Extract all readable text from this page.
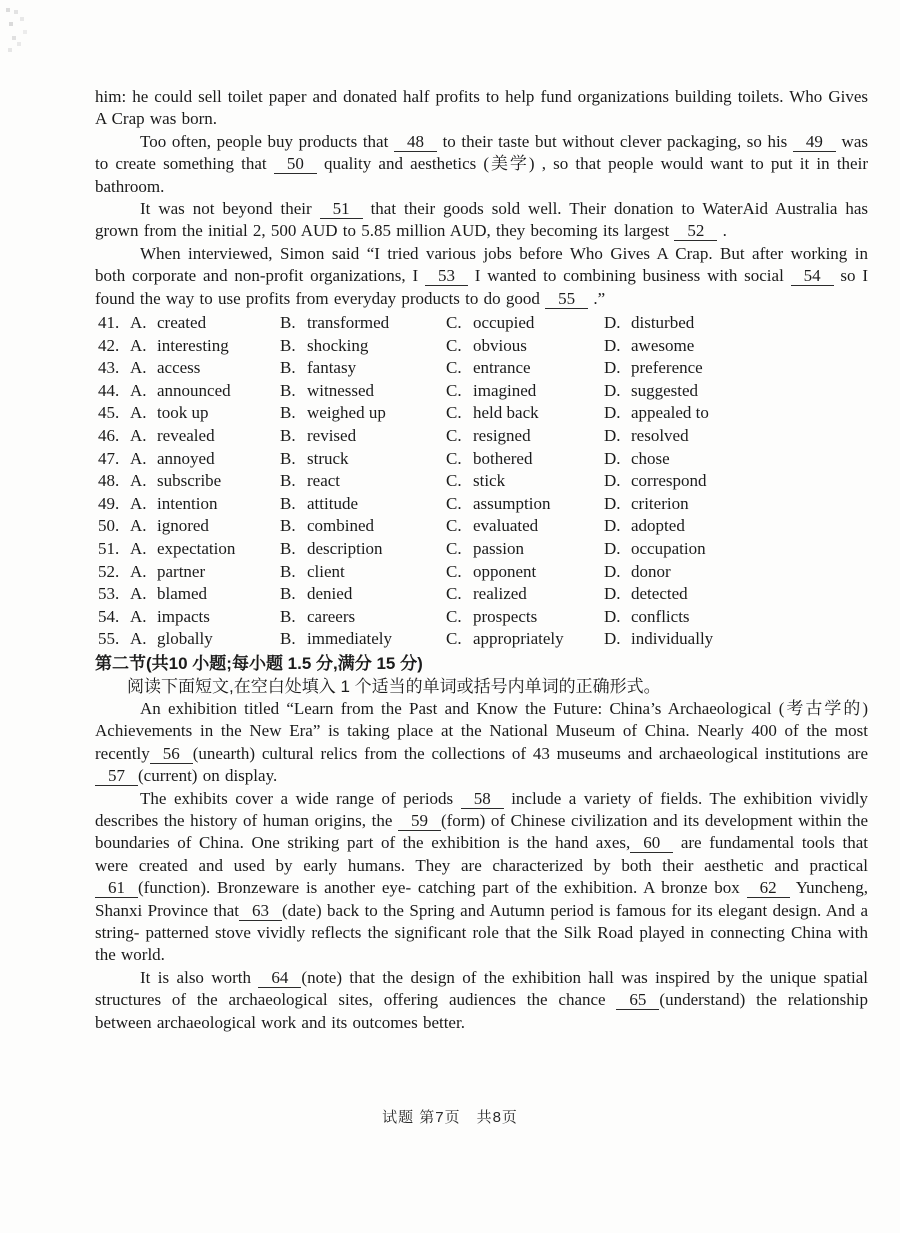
him: he could sell toilet paper and donated half profits to help fund organizations building toilets. Who Gives A Crap was born.

Too often, people buy products that 48 to their taste but without clever packaging, so his 49 was to create something that 50 quality and aesthetics (美学) , so that people would want to put it in their bathroom.

It was not beyond their 51 that their goods sold well. Their donation to WaterAid Australia has grown from the initial 2, 500 AUD to 5.85 million AUD, they becoming its largest 52 .

When interviewed, Simon said “I tried various jobs before Who Gives A Crap. But after working in both corporate and non-profit organizations, I 53 I wanted to combining business with social 54 so I found the way to use profits from everyday products to do good 55 .”

41. A. created	B. transformed	C. occupied	D. disturbed
42. A. interesting	B. shocking	C. obvious	D. awesome
43. A. access	B. fantasy	C. entrance	D. preference
44. A. announced	B. witnessed	C. imagined	D. suggested
45. A. took up	B. weighed up	C. held back	D. appealed to
46. A. revealed	B. revised	C. resigned	D. resolved
47. A. annoyed	B. struck	C. bothered	D. chose
48. A. subscribe	B. react	C. stick	D. correspond
49. A. intention	B. attitude	C. assumption	D. criterion
50. A. ignored	B. combined	C. evaluated	D. adopted
51. A. expectation	B. description	C. passion	D. occupation
52. A. partner	B. client	C. opponent	D. donor
53. A. blamed	B. denied	C. realized	D. detected
54. A. impacts	B. careers	C. prospects	D. conflicts
55. A. globally	B. immediately	C. appropriately	D. individually

第二节(共10 小题;每小题 1.5 分,满分 15 分)

阅读下面短文,在空白处填入 1 个适当的单词或括号内单词的正确形式。

An exhibition titled “Learn from the Past and Know the Future: China’s Archaeological (考古学的) Achievements in the New Era” is taking place at the National Museum of China. Nearly 400 of the most recently 56 (unearth) cultural relics from the collections of 43 museums and archaeological institutions are 57 (current) on display.

The exhibits cover a wide range of periods 58 include a variety of fields. The exhibition vividly describes the history of human origins, the 59 (form) of Chinese civilization and its development within the boundaries of China. One striking part of the exhibition is the hand axes, 60 are fundamental tools that were created and used by early humans. They are characterized by both their aesthetic and practical 61 (function). Bronzeware is another eye- catching part of the exhibition. A bronze box 62 Yuncheng, Shanxi Province that 63 (date) back to the Spring and Autumn period is famous for its elegant design. And a string- patterned stove vividly reflects the significant role that the Silk Road played in connecting China with the world.

It is also worth 64 (note) that the design of the exhibition hall was inspired by the unique spatial structures of the archaeological sites, offering audiences the chance 65 (understand) the relationship between archaeological work and its outcomes better.

试题 第7页　共8页
